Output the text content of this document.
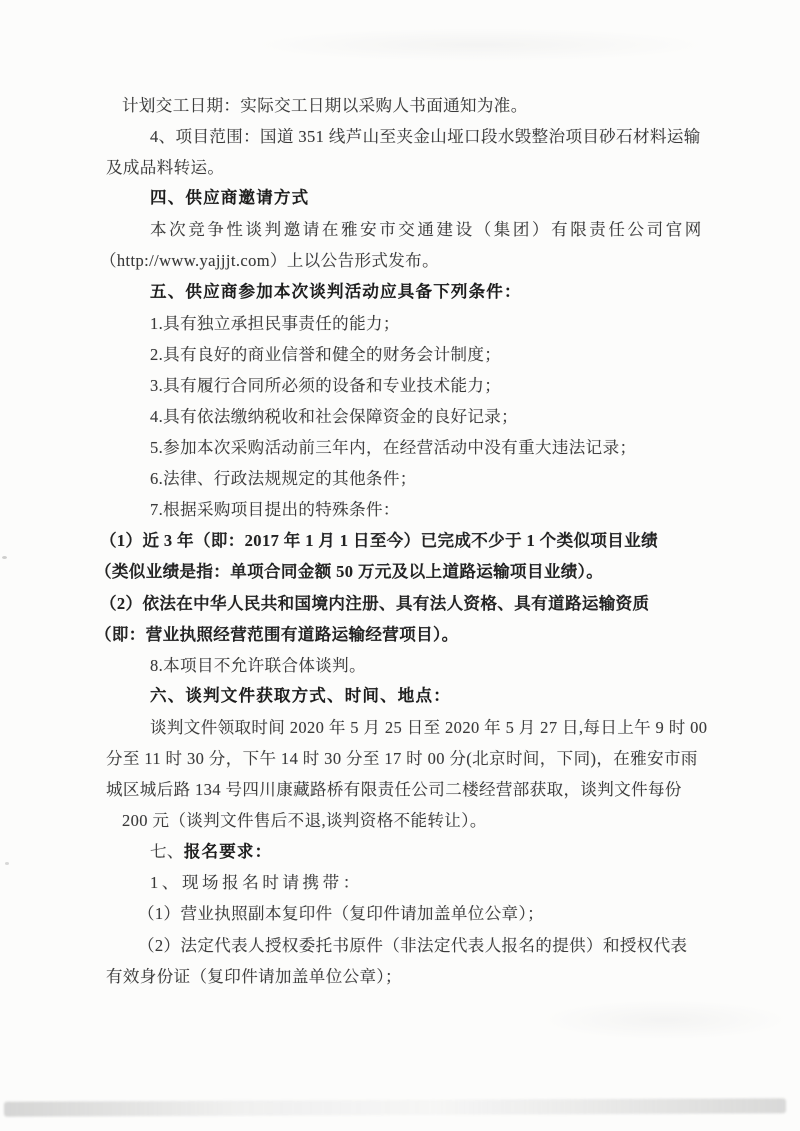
计划交工日期：实际交工日期以采购人书面通知为准。
4、项目范围：国道 351 线芦山至夹金山垭口段水毁整治项目砂石材料运输
及成品料转运。
四、供应商邀请方式
本次竞争性谈判邀请在雅安市交通建设（集团）有限责任公司官网
（http://www.yajjjt.com）上以公告形式发布。
五、供应商参加本次谈判活动应具备下列条件：
1.具有独立承担民事责任的能力；
2.具有良好的商业信誉和健全的财务会计制度；
3.具有履行合同所必须的设备和专业技术能力；
4.具有依法缴纳税收和社会保障资金的良好记录；
5.参加本次采购活动前三年内，在经营活动中没有重大违法记录；
6.法律、行政法规规定的其他条件；
7.根据采购项目提出的特殊条件：
（1）近 3 年（即：2017 年 1 月 1 日至今）已完成不少于 1 个类似项目业绩
（类似业绩是指：单项合同金额 50 万元及以上道路运输项目业绩）。
（2）依法在中华人民共和国境内注册、具有法人资格、具有道路运输资质
（即：营业执照经营范围有道路运输经营项目）。
8.本项目不允许联合体谈判。
六、谈判文件获取方式、时间、地点：
谈判文件领取时间 2020 年 5 月 25 日至 2020 年 5 月 27 日,每日上午 9 时 00
分至 11 时 30 分，下午 14 时 30 分至 17 时 00 分(北京时间，下同)，在雅安市雨
城区城后路 134 号四川康藏路桥有限责任公司二楼经营部获取，谈判文件每份
200 元（谈判文件售后不退,谈判资格不能转让）。
七、报名要求：
1、现场报名时请携带：
（1）营业执照副本复印件（复印件请加盖单位公章）；
（2）法定代表人授权委托书原件（非法定代表人报名的提供）和授权代表
有效身份证（复印件请加盖单位公章）；
